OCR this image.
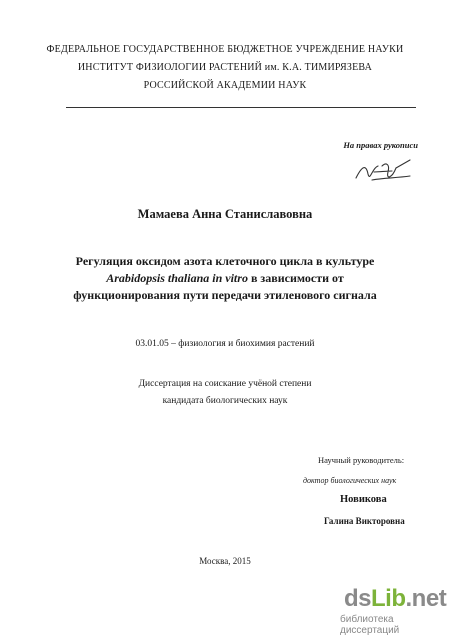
ФЕДЕРАЛЬНОЕ ГОСУДАРСТВЕННОЕ БЮДЖЕТНОЕ УЧРЕЖДЕНИЕ НАУКИ
ИНСТИТУТ ФИЗИОЛОГИИ РАСТЕНИЙ им. К.А. ТИМИРЯЗЕВА
РОССИЙСКОЙ АКАДЕМИИ НАУК
На правах рукописи
Мамаева Анна Станиславовна
Регуляция оксидом азота клеточного цикла в культуре
Arabidopsis thaliana in vitro в зависимости от
функционирования пути передачи этиленового сигнала
03.01.05 – физиология и биохимия растений
Диссертация на соискание учёной степени
кандидата биологических наук
Научный руководитель:
доктор биологических наук
Новикова
Галина Викторовна
Москва, 2015
dsLib.net
библиотека диссертаций
